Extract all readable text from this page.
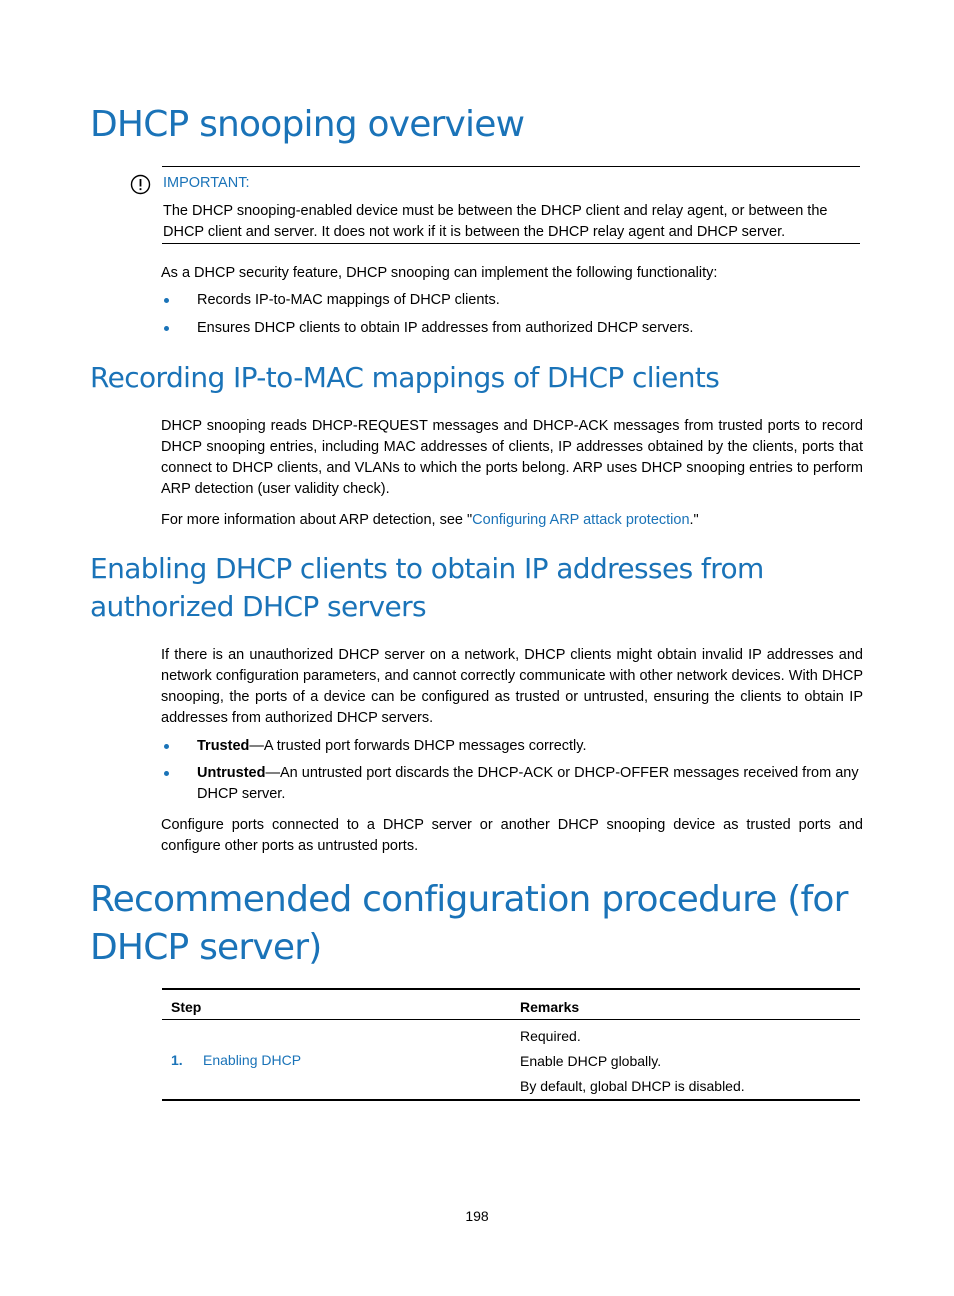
DHCP snooping overview

IMPORTANT:

The DHCP snooping-enabled device must be between the DHCP client and relay agent, or between the DHCP client and server. It does not work if it is between the DHCP relay agent and DHCP server.

As a DHCP security feature, DHCP snooping can implement the following functionality:

Records IP-to-MAC mappings of DHCP clients.

Ensures DHCP clients to obtain IP addresses from authorized DHCP servers.

Recording IP-to-MAC mappings of DHCP clients

DHCP snooping reads DHCP-REQUEST messages and DHCP-ACK messages from trusted ports to record DHCP snooping entries, including MAC addresses of clients, IP addresses obtained by the clients, ports that connect to DHCP clients, and VLANs to which the ports belong. ARP uses DHCP snooping entries to perform ARP detection (user validity check).

For more information about ARP detection, see "Configuring ARP attack protection."

Enabling DHCP clients to obtain IP addresses from authorized DHCP servers

If there is an unauthorized DHCP server on a network, DHCP clients might obtain invalid IP addresses and network configuration parameters, and cannot correctly communicate with other network devices. With DHCP snooping, the ports of a device can be configured as trusted or untrusted, ensuring the clients to obtain IP addresses from authorized DHCP servers.

Trusted—A trusted port forwards DHCP messages correctly.

Untrusted—An untrusted port discards the DHCP-ACK or DHCP-OFFER messages received from any DHCP server.

Configure ports connected to a DHCP server or another DHCP snooping device as trusted ports and configure other ports as untrusted ports.

Recommended configuration procedure (for DHCP server)

Step	Remarks

1. Enabling DHCP

Required.

Enable DHCP globally.

By default, global DHCP is disabled.

198
